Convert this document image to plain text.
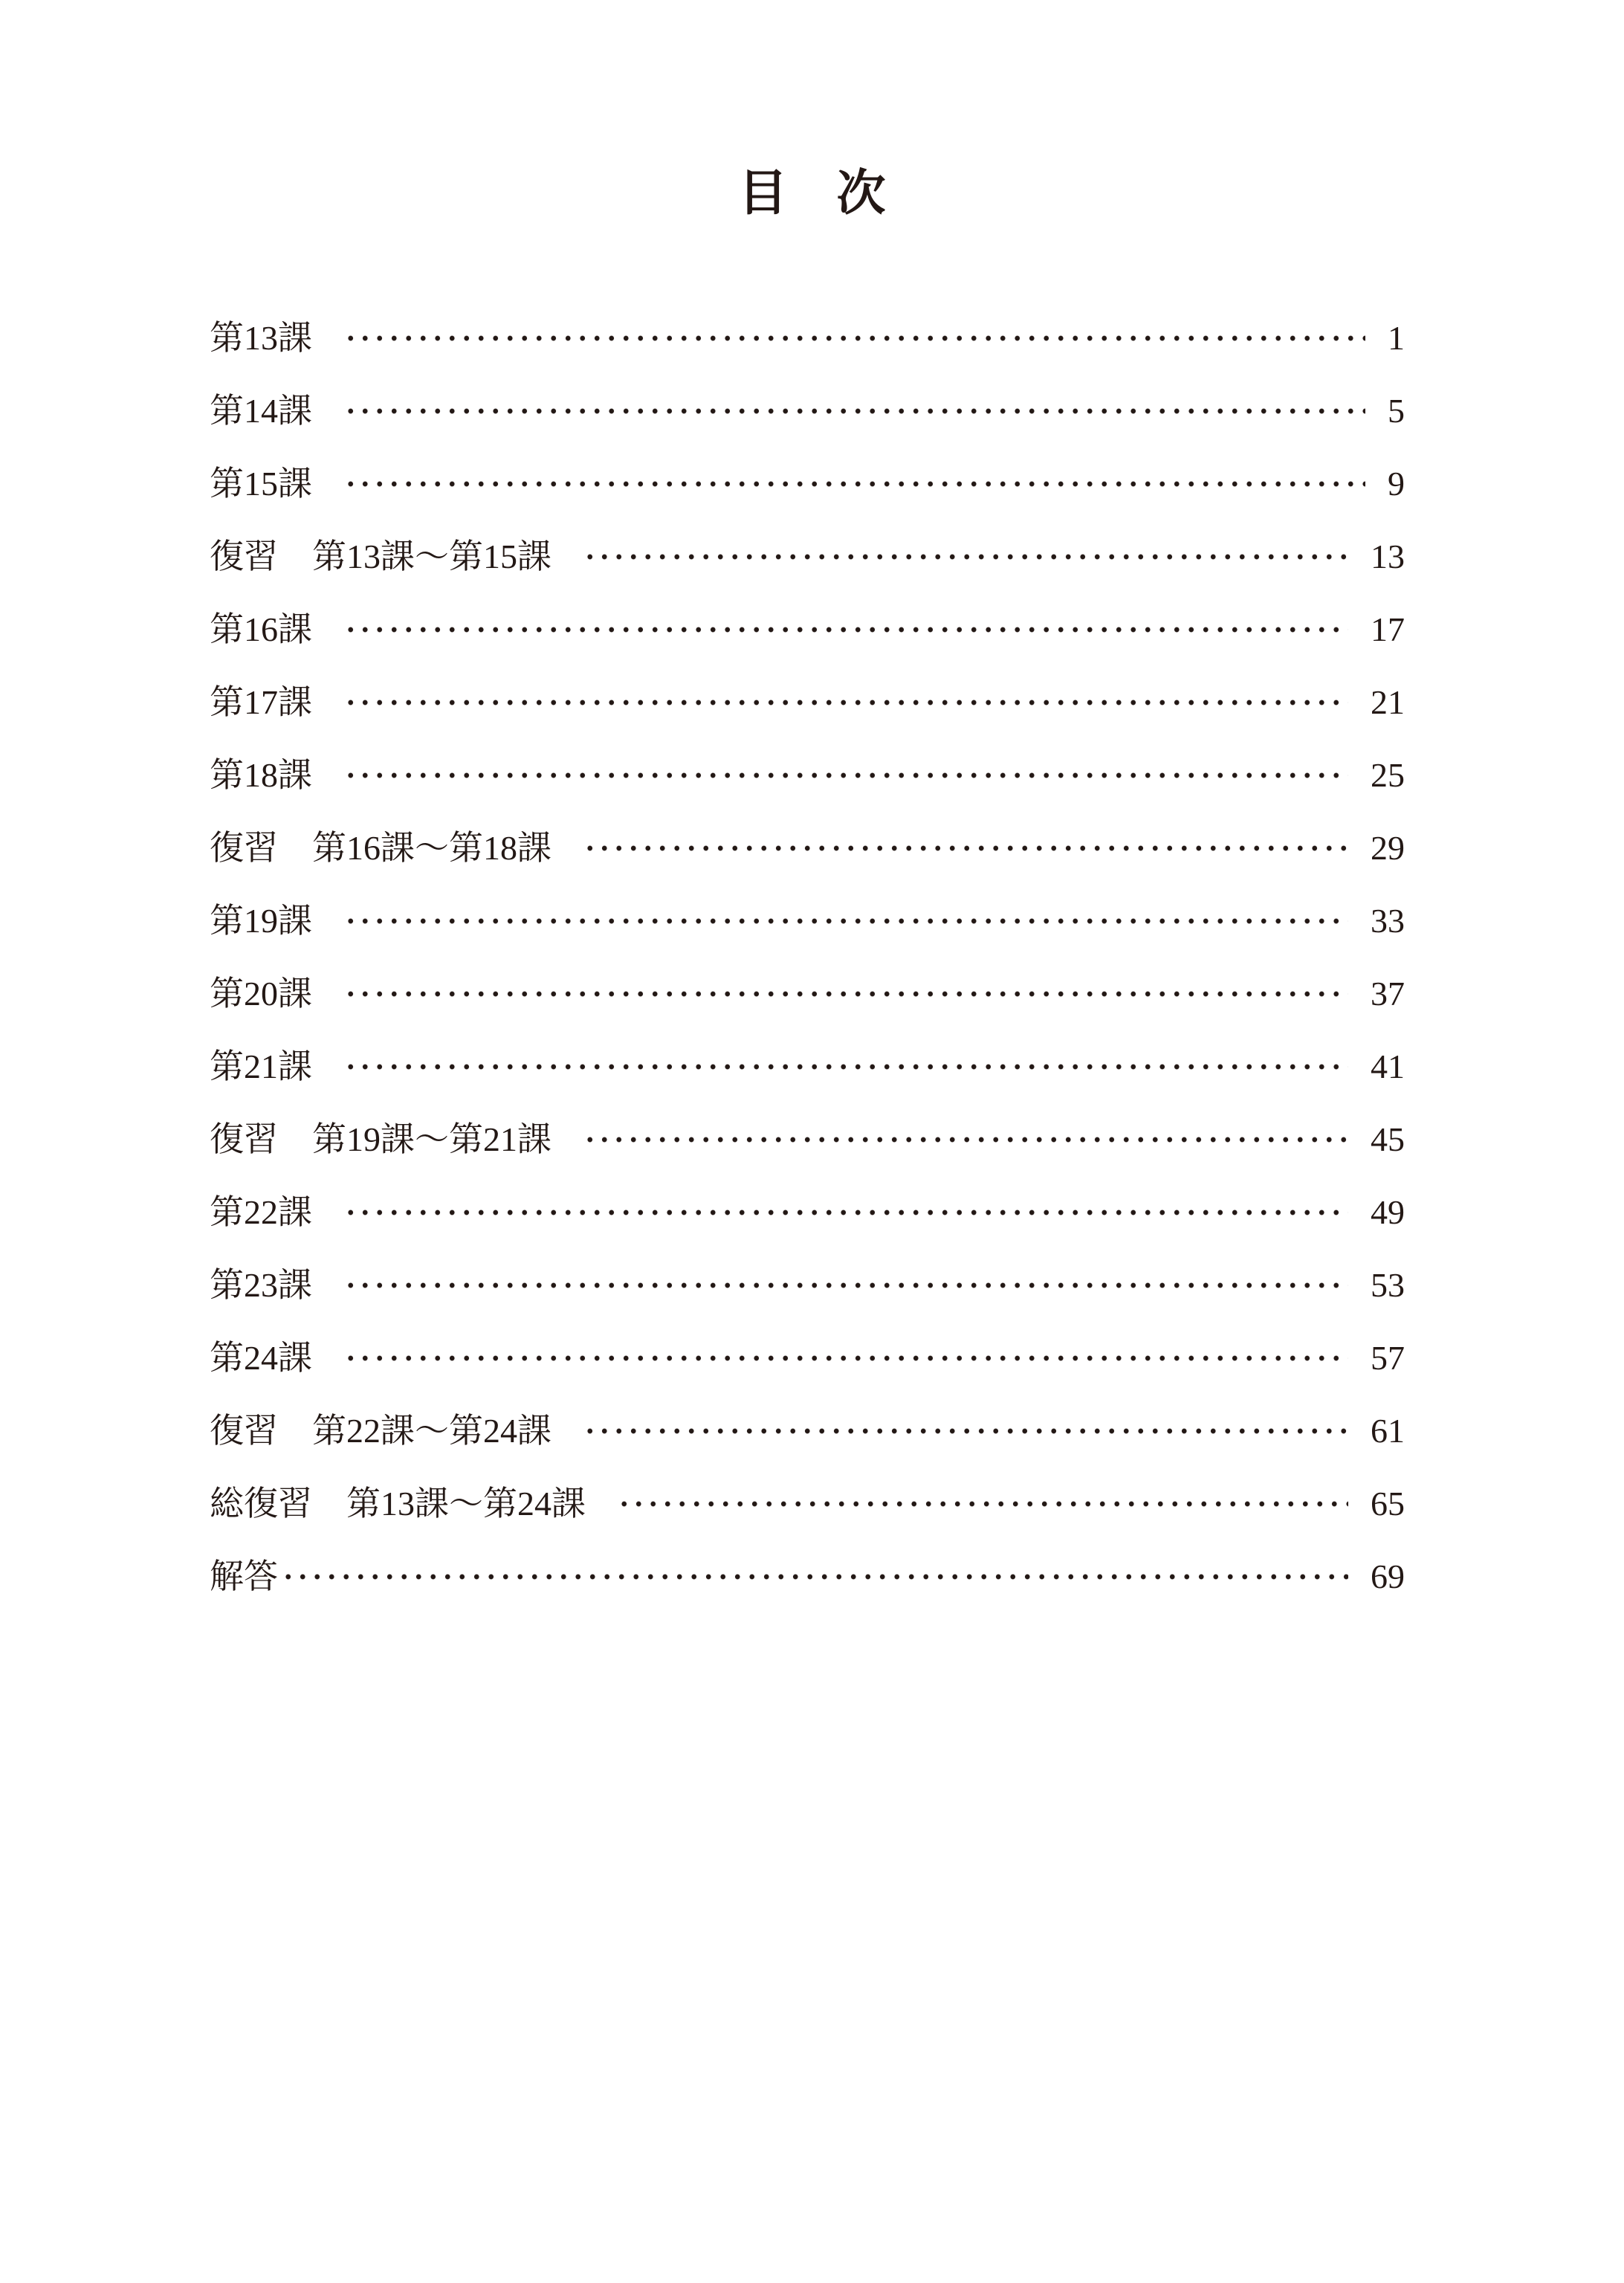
目　次
第13課	1
第14課	5
第15課	9
復習　第13課〜第15課	13
第16課	17
第17課	21
第18課	25
復習　第16課〜第18課	29
第19課	33
第20課	37
第21課	41
復習　第19課〜第21課	45
第22課	49
第23課	53
第24課	57
復習　第22課〜第24課	61
総復習　第13課〜第24課	65
解答	69
